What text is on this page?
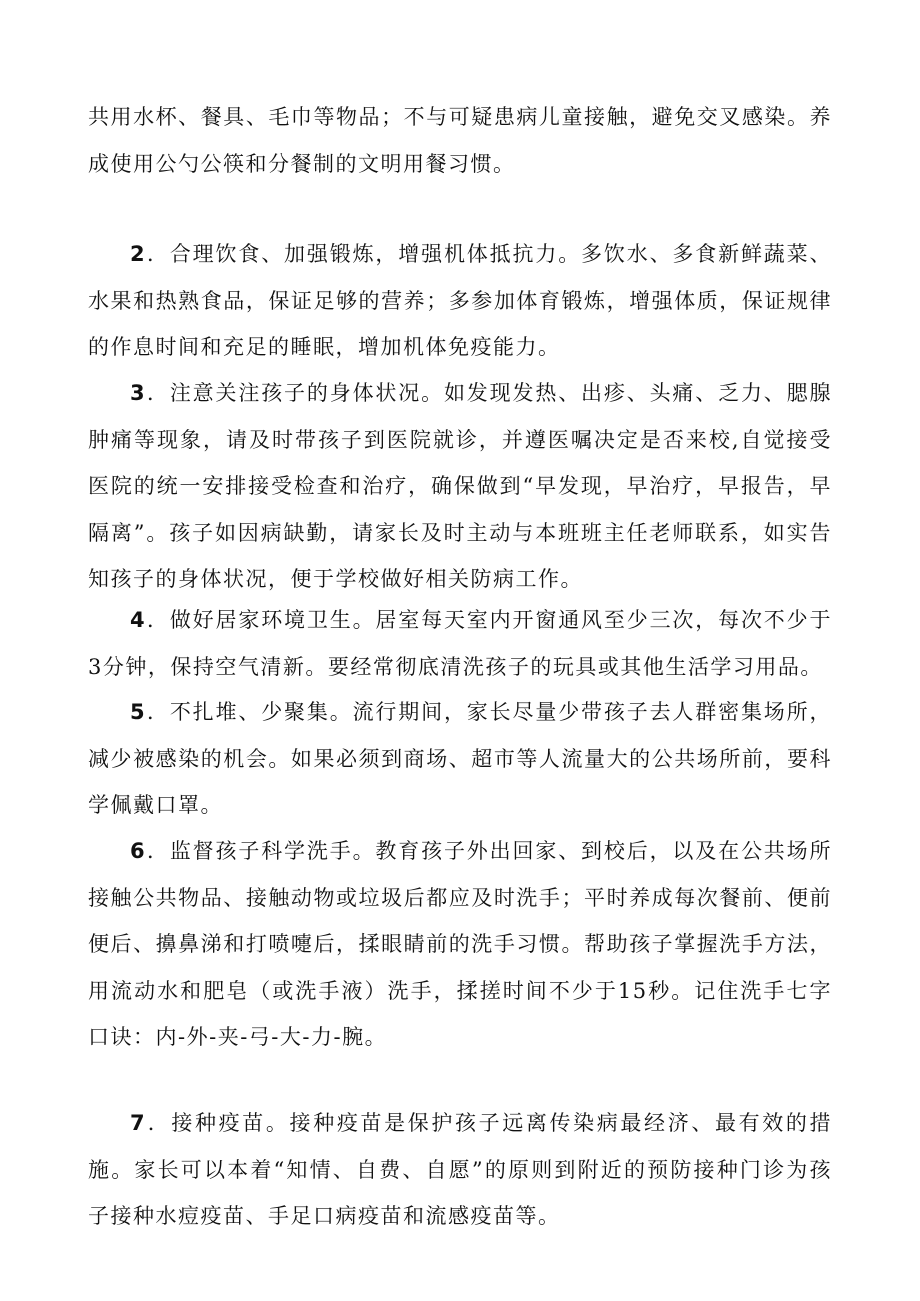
共用水杯、餐具、毛巾等物品；不与可疑患病儿童接触，避免交叉感染。养成使用公勺公筷和分餐制的文明用餐习惯。

2．合理饮食、加强锻炼，增强机体抵抗力。多饮水、多食新鲜蔬菜、水果和热熟食品，保证足够的营养；多参加体育锻炼，增强体质，保证规律的作息时间和充足的睡眠，增加机体免疫能力。

3．注意关注孩子的身体状况。如发现发热、出疹、头痛、乏力、腮腺肿痛等现象，请及时带孩子到医院就诊，并遵医嘱决定是否来校,自觉接受医院的统一安排接受检查和治疗，确保做到“早发现，早治疗，早报告，早隔离”。孩子如因病缺勤，请家长及时主动与本班班主任老师联系，如实告知孩子的身体状况，便于学校做好相关防病工作。

4．做好居家环境卫生。居室每天室内开窗通风至少三次，每次不少于3分钟，保持空气清新。要经常彻底清洗孩子的玩具或其他生活学习用品。

5．不扎堆、少聚集。流行期间，家长尽量少带孩子去人群密集场所，减少被感染的机会。如果必须到商场、超市等人流量大的公共场所前，要科学佩戴口罩。

6．监督孩子科学洗手。教育孩子外出回家、到校后，以及在公共场所接触公共物品、接触动物或垃圾后都应及时洗手；平时养成每次餐前、便前便后、擤鼻涕和打喷嚏后，揉眼睛前的洗手习惯。帮助孩子掌握洗手方法，用流动水和肥皂（或洗手液）洗手，揉搓时间不少于15秒。记住洗手七字口诀：内-外-夹-弓-大-力-腕。

7．接种疫苗。接种疫苗是保护孩子远离传染病最经济、最有效的措施。家长可以本着“知情、自费、自愿”的原则到附近的预防接种门诊为孩子接种水痘疫苗、手足口病疫苗和流感疫苗等。
